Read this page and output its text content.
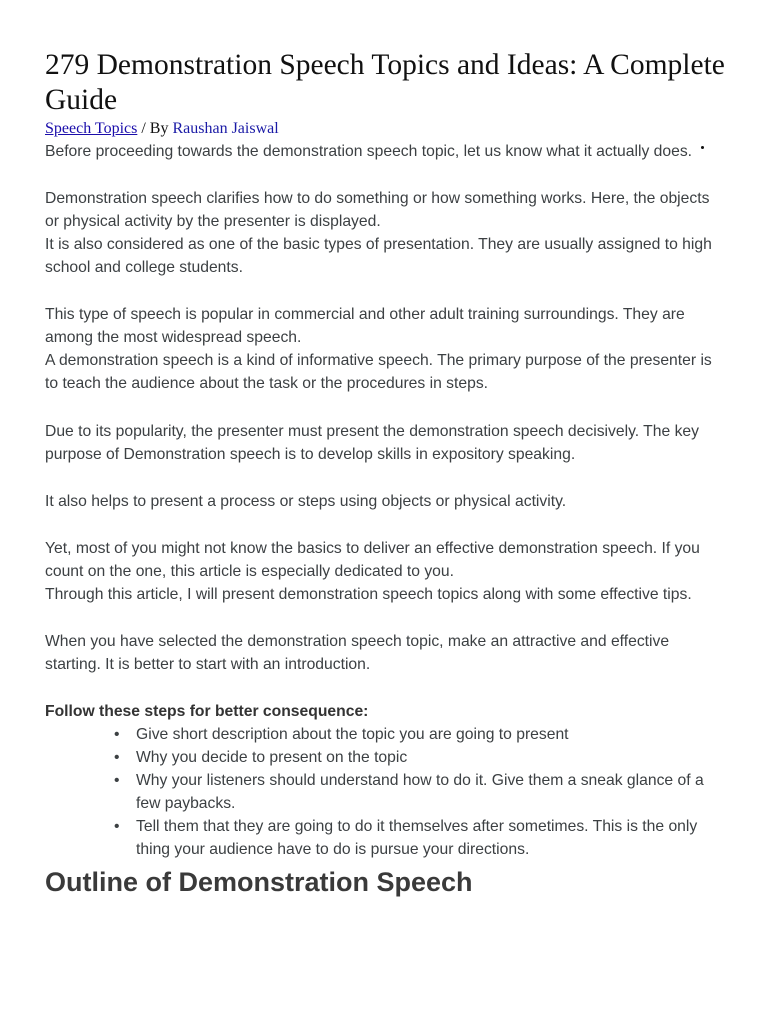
279 Demonstration Speech Topics and Ideas: A Complete Guide

Speech Topics / By Raushan Jaiswal

Before proceeding towards the demonstration speech topic, let us know what it actually does.

Demonstration speech clarifies how to do something or how something works. Here, the objects or physical activity by the presenter is displayed.

It is also considered as one of the basic types of presentation. They are usually assigned to high school and college students.

This type of speech is popular in commercial and other adult training surroundings. They are among the most widespread speech.

A demonstration speech is a kind of informative speech. The primary purpose of the presenter is to teach the audience about the task or the procedures in steps.

Due to its popularity, the presenter must present the demonstration speech decisively. The key purpose of Demonstration speech is to develop skills in expository speaking.

It also helps to present a process or steps using objects or physical activity.

Yet, most of you might not know the basics to deliver an effective demonstration speech. If you count on the one, this article is especially dedicated to you.

Through this article, I will present demonstration speech topics along with some effective tips.

When you have selected the demonstration speech topic, make an attractive and effective starting. It is better to start with an introduction.

Follow these steps for better consequence:

• Give short description about the topic you are going to present
• Why you decide to present on the topic
• Why your listeners should understand how to do it. Give them a sneak glance of a few paybacks.
• Tell them that they are going to do it themselves after sometimes. This is the only thing your audience have to do is pursue your directions.
Outline of Demonstration Speech
